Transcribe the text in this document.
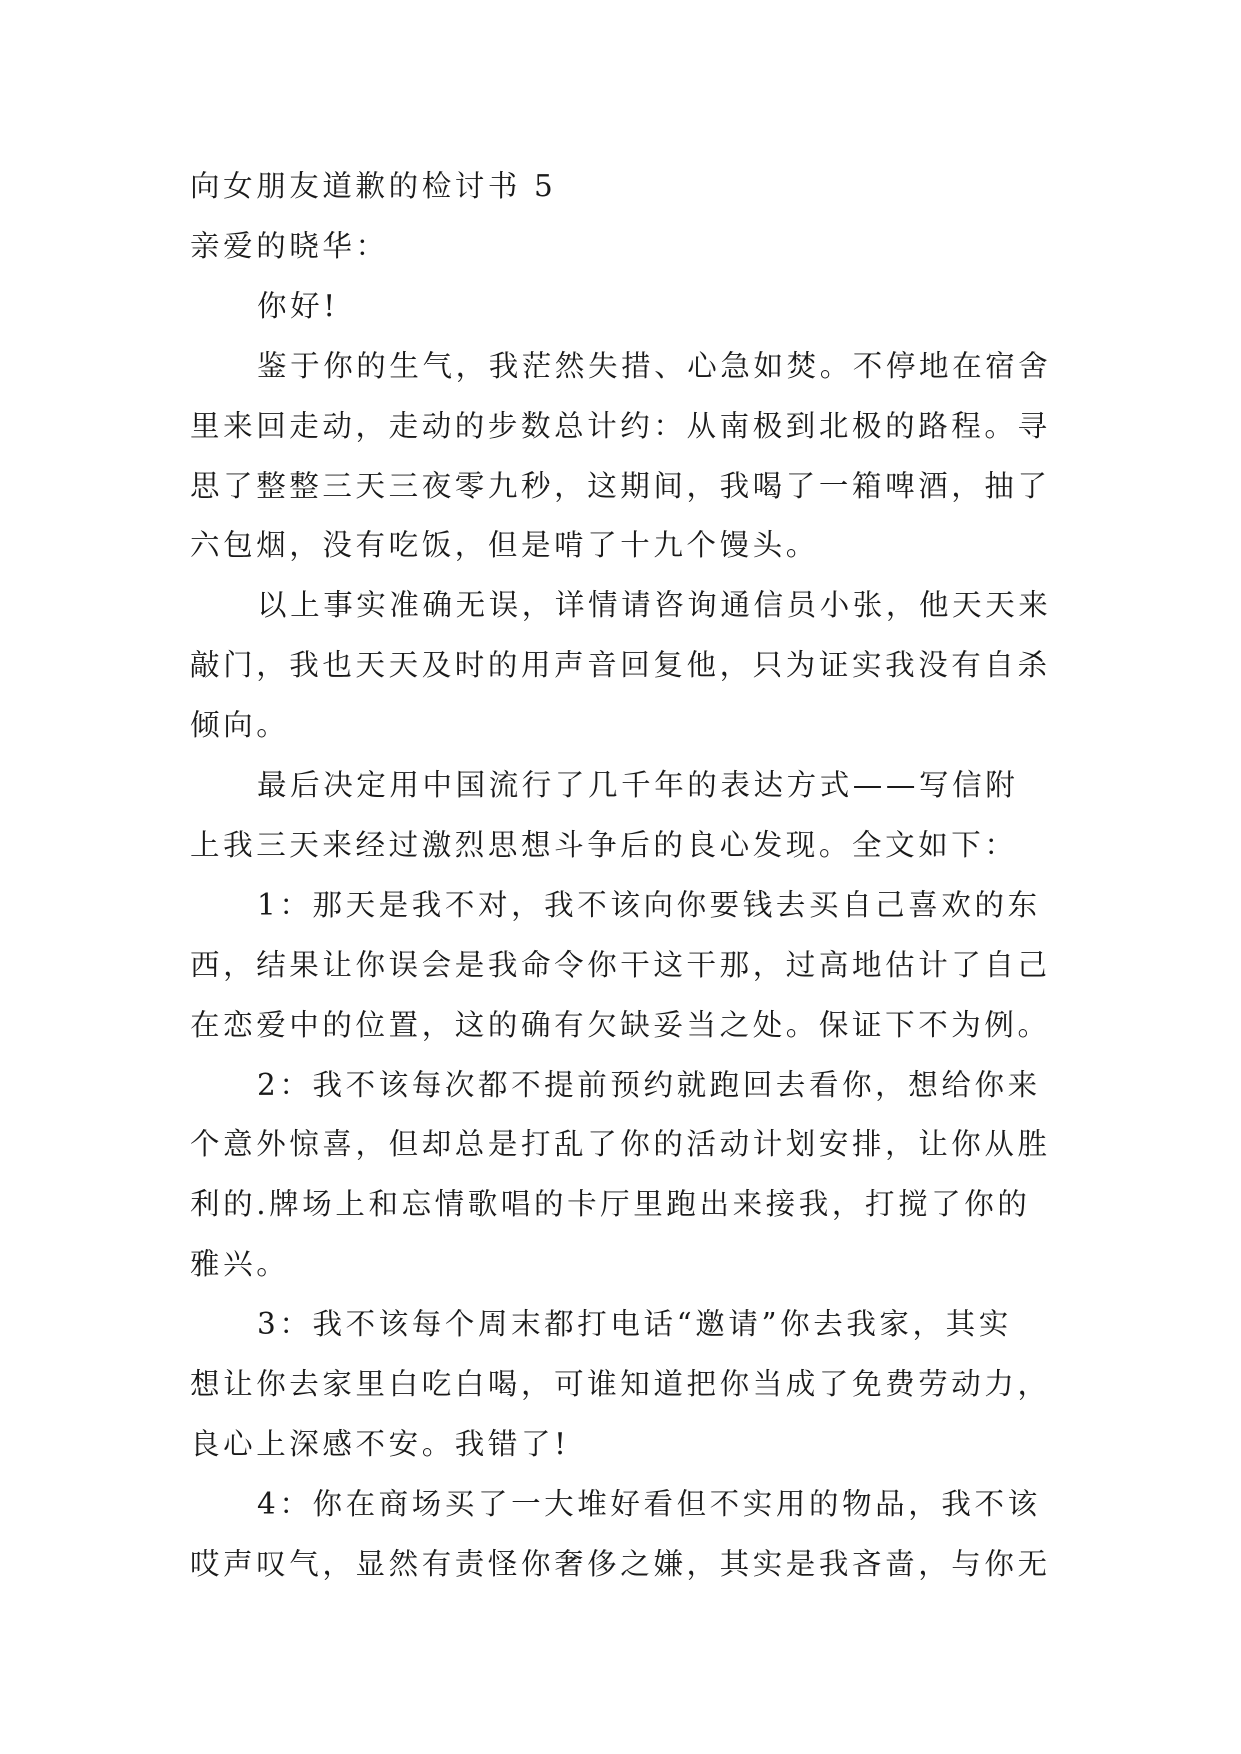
向女朋友道歉的检讨书 5

亲爱的晓华：

你好!

鉴于你的生气，我茫然失措、心急如焚。不停地在宿舍

里来回走动，走动的步数总计约：从南极到北极的路程。寻

思了整整三天三夜零九秒，这期间，我喝了一箱啤酒，抽了

六包烟，没有吃饭，但是啃了十九个馒头。

以上事实准确无误，详情请咨询通信员小张，他天天来

敲门，我也天天及时的用声音回复他，只为证实我没有自杀

倾向。

最后决定用中国流行了几千年的表达方式——写信附

上我三天来经过激烈思想斗争后的良心发现。全文如下：

1：那天是我不对，我不该向你要钱去买自己喜欢的东

西，结果让你误会是我命令你干这干那，过高地估计了自己

在恋爱中的位置，这的确有欠缺妥当之处。保证下不为例。

2：我不该每次都不提前预约就跑回去看你，想给你来

个意外惊喜，但却总是打乱了你的活动计划安排，让你从胜

利的.牌场上和忘情歌唱的卡厅里跑出来接我，打搅了你的

雅兴。

3：我不该每个周末都打电话“邀请”你去我家，其实

想让你去家里白吃白喝，可谁知道把你当成了免费劳动力，

良心上深感不安。我错了!

4：你在商场买了一大堆好看但不实用的物品，我不该

哎声叹气，显然有责怪你奢侈之嫌，其实是我吝啬，与你无
